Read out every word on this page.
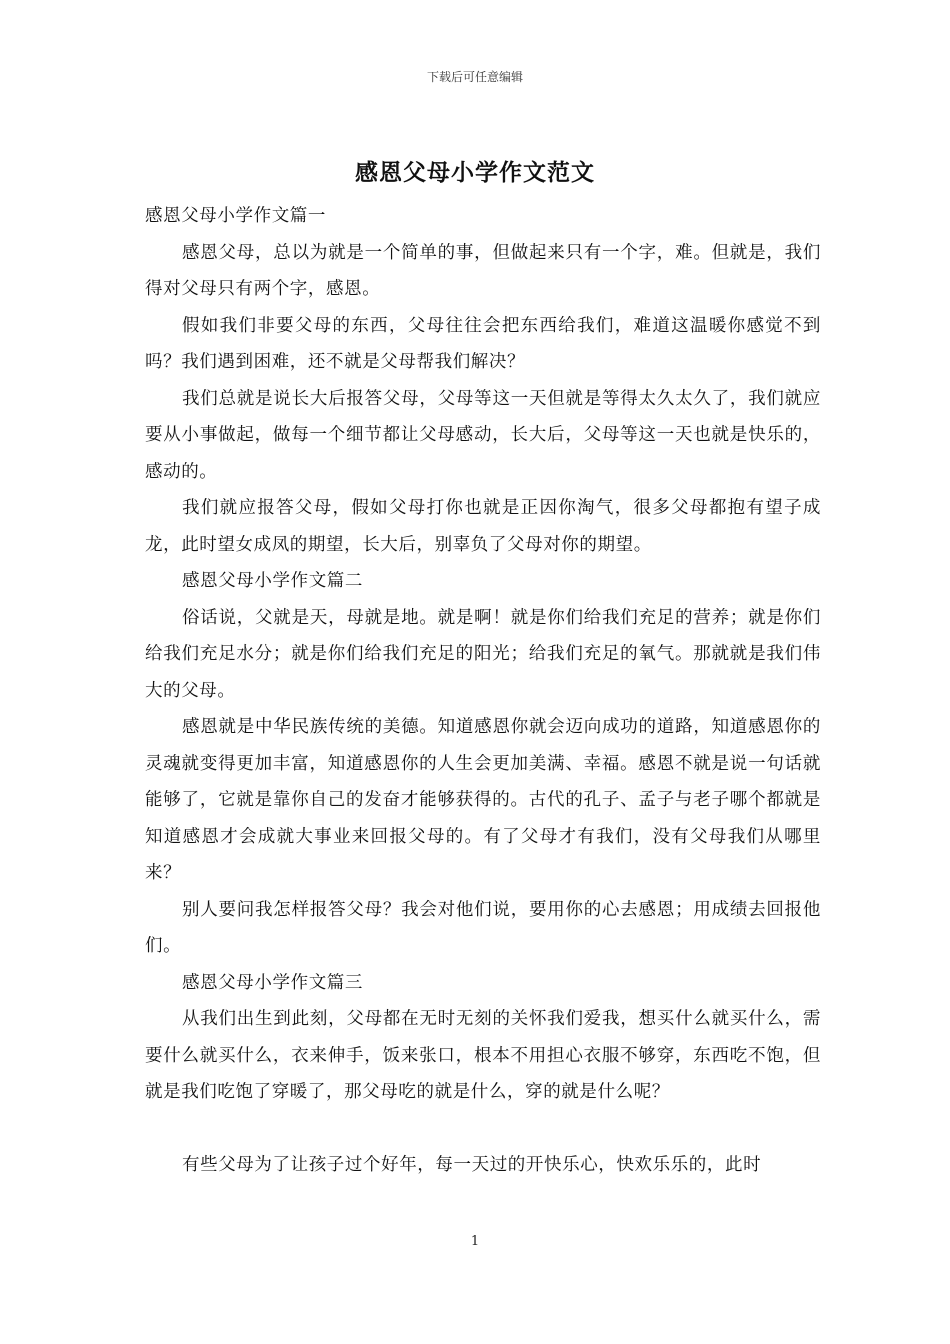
下载后可任意编辑
感恩父母小学作文范文

感恩父母小学作文篇一

感恩父母，总以为就是一个简单的事，但做起来只有一个字，难。但就是，我们得对父母只有两个字，感恩。

假如我们非要父母的东西，父母往往会把东西给我们，难道这温暖你感觉不到吗？我们遇到困难，还不就是父母帮我们解决？

我们总就是说长大后报答父母，父母等这一天但就是等得太久太久了，我们就应要从小事做起，做每一个细节都让父母感动，长大后，父母等这一天也就是快乐的，感动的。

我们就应报答父母，假如父母打你也就是正因你淘气，很多父母都抱有望子成龙，此时望女成凤的期望，长大后，别辜负了父母对你的期望。

感恩父母小学作文篇二

俗话说，父就是天，母就是地。就是啊！就是你们给我们充足的营养；就是你们给我们充足水分；就是你们给我们充足的阳光；给我们充足的氧气。那就就是我们伟大的父母。

感恩就是中华民族传统的美德。知道感恩你就会迈向成功的道路，知道感恩你的灵魂就变得更加丰富，知道感恩你的人生会更加美满、幸福。感恩不就是说一句话就能够了，它就是靠你自己的发奋才能够获得的。古代的孔子、孟子与老子哪个都就是知道感恩才会成就大事业来回报父母的。有了父母才有我们，没有父母我们从哪里来？

别人要问我怎样报答父母？我会对他们说，要用你的心去感恩；用成绩去回报他们。

感恩父母小学作文篇三

从我们出生到此刻，父母都在无时无刻的关怀我们爱我，想买什么就买什么，需要什么就买什么，衣来伸手，饭来张口，根本不用担心衣服不够穿，东西吃不饱，但就是我们吃饱了穿暖了，那父母吃的就是什么，穿的就是什么呢？

有些父母为了让孩子过个好年，每一天过的开快乐心，快欢乐乐的，此时

1
